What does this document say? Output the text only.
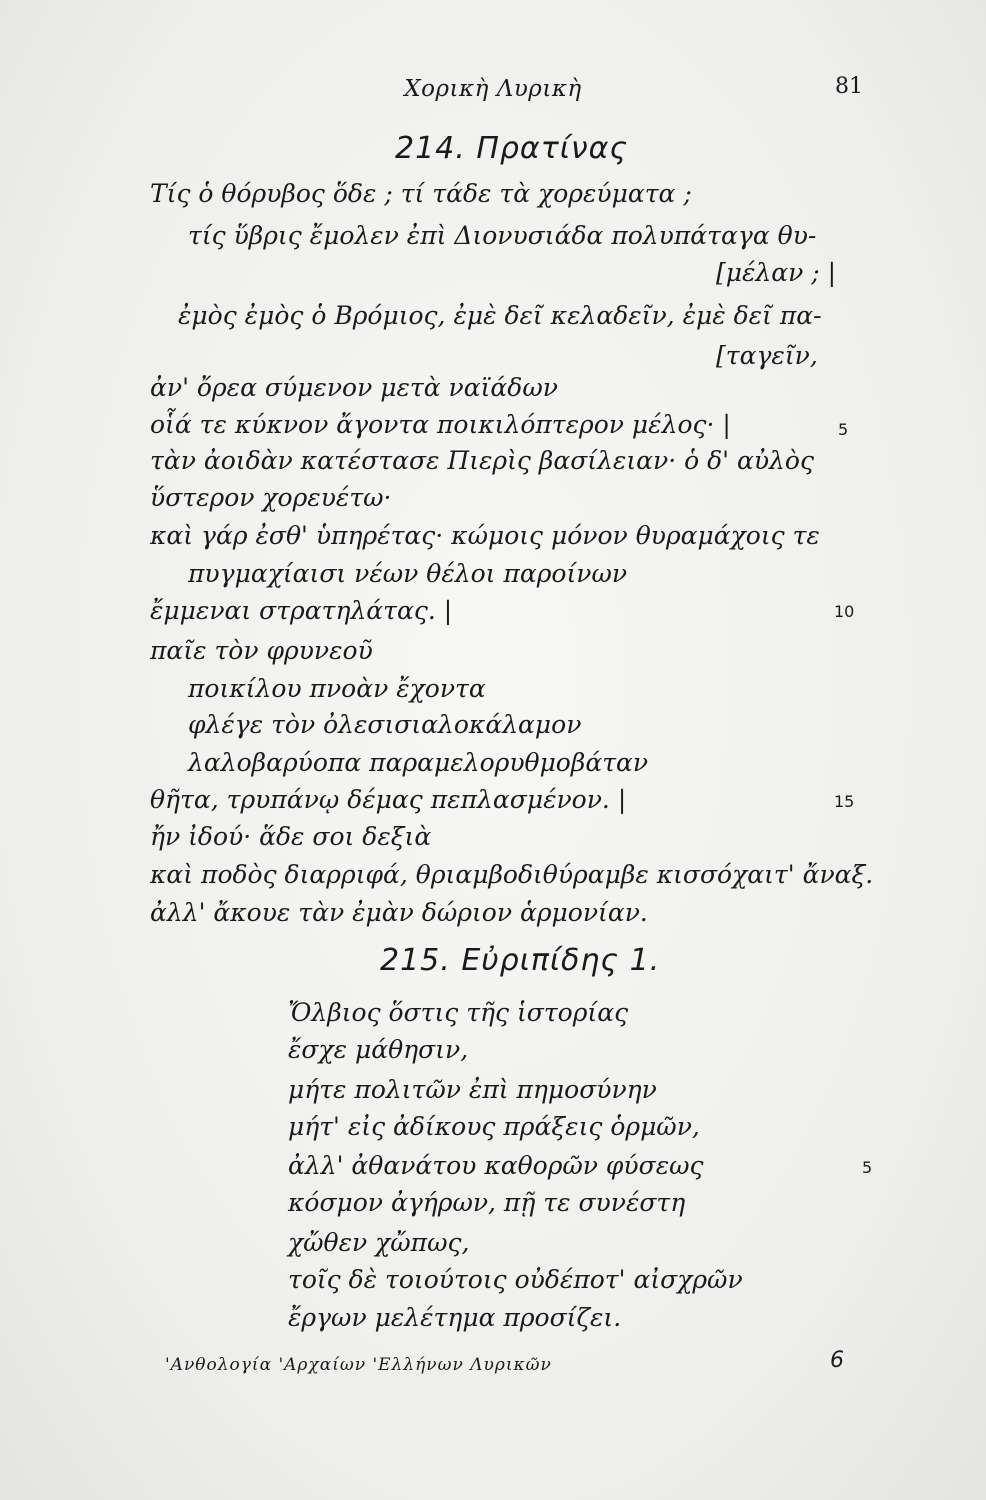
Χορικὴ Λυρικὴ	81
214. Πρατίνας
Τίς ὁ θόρυβος ὅδε ; τί τάδε τὰ χορεύματα ;
τίς ὕβρις ἔμολεν ἐπὶ Διονυσιάδα πολυπάταγα θυ-
[μέλαν ; |
ἐμὸς ἐμὸς ὁ Βρόμιος, ἐμὲ δεῖ κελαδεῖν, ἐμὲ δεῖ πα-
[ταγεῖν,
ἀν' ὄρεα σύμενον μετὰ ναϊάδων
οἷά τε κύκνον ἄγοντα ποικιλόπτερον μέλος· |
τὰν ἀοιδὰν κατέστασε Πιερὶς βασίλειαν· ὁ δ' αὐλὸς
ὕστερον χορευέτω·
καὶ γάρ ἐσθ' ὑπηρέτας· κώμοις μόνον θυραμάχοις τε
πυγμαχίαισι νέων θέλοι παροίνων
ἔμμεναι στρατηλάτας. |
παῖε τὸν φρυνεοῦ
ποικίλου πνοὰν ἔχοντα
φλέγε τὸν ὀλεσισιαλοκάλαμον
λαλοβαρύοπα παραμελορυθμοβάταν
θῆτα, τρυπάνῳ δέμας πεπλασμένον. |
ἤν ἰδού· ἅδε σοι δεξιὰ
καὶ ποδὸς διαρριφά, θριαμβοδιθύραμβε κισσόχαιτ' ἄναξ.
ἀλλ' ἄκουε τὰν ἐμὰν δώριον ἁρμονίαν.
5
10
15
215. Εὐριπίδης 1.
Ὄλβιος ὅστις τῆς ἱστορίας
ἔσχε μάθησιν,
μήτε πολιτῶν ἐπὶ πημοσύνην
μήτ' εἰς ἀδίκους πράξεις ὁρμῶν,
ἀλλ' ἀθανάτου καθορῶν φύσεως
κόσμον ἀγήρων, πῇ τε συνέστη
χὤθεν χὤπως,
τοῖς δὲ τοιούτοις οὐδέποτ' αἰσχρῶν
ἔργων μελέτημα προσίζει.
5
'Ανθολογία 'Αρχαίων 'Ελλήνων Λυρικῶν	6
